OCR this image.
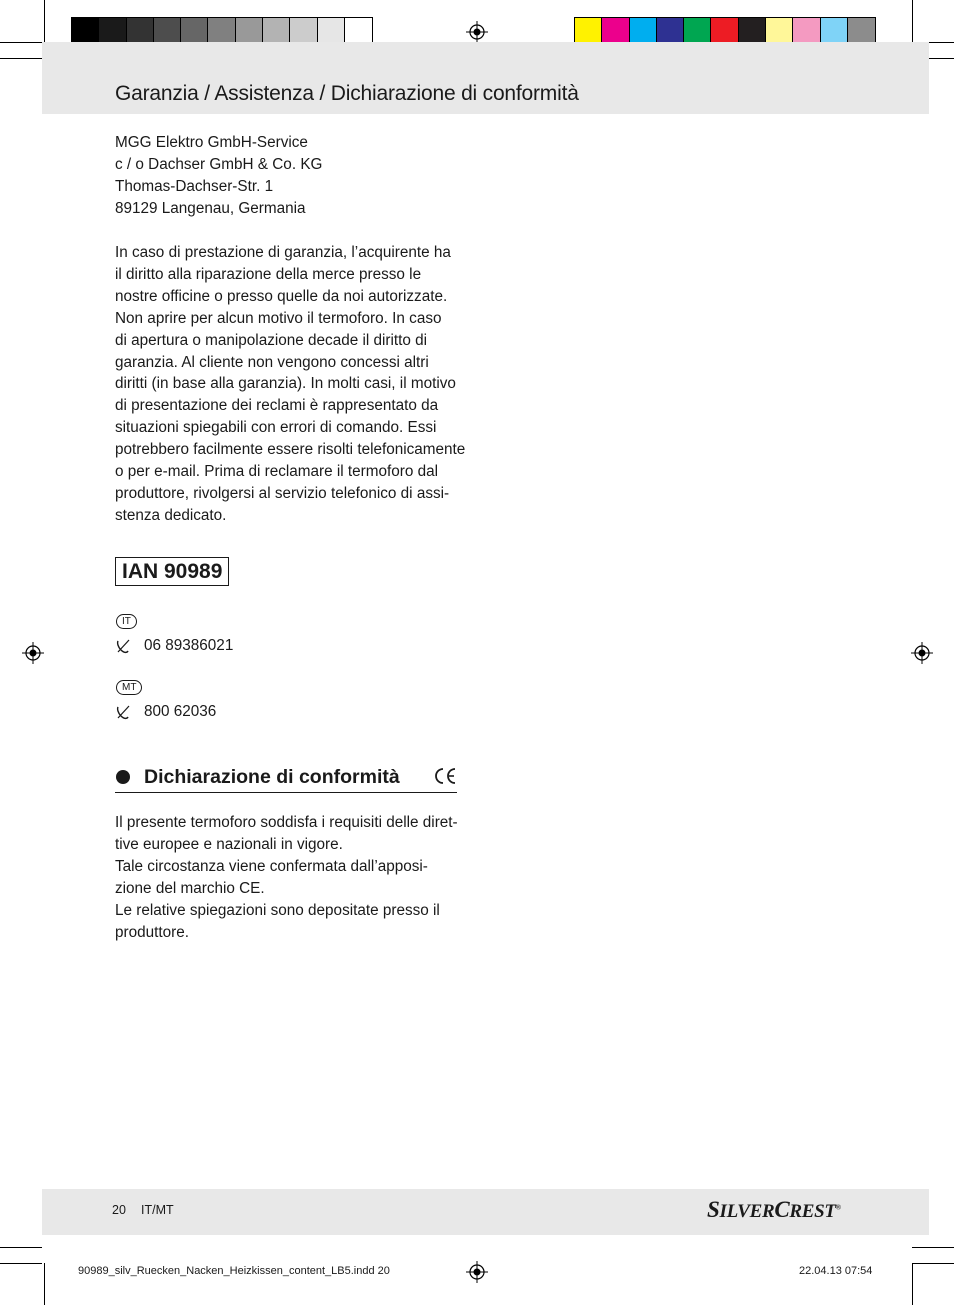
Garanzia / Assistenza / Dichiarazione di conformità

MGG Elektro GmbH-Service

c / o Dachser GmbH & Co. KG

Thomas-Dachser-Str. 1

89129 Langenau, Germania

In caso di prestazione di garanzia, l’acquirente ha

il diritto alla riparazione della merce presso le

nostre officine o presso quelle da noi autorizzate.

Non aprire per alcun motivo il termoforo. In caso

di apertura o manipolazione decade il diritto di

garanzia. Al cliente non vengono concessi altri

diritti (in base alla garanzia). In molti casi, il motivo

di presentazione dei reclami è rappresentato da

situazioni spiegabili con errori di comando. Essi

potrebbero facilmente essere risolti telefonicamente

o per e-mail. Prima di reclamare il termoforo dal

produttore, rivolgersi al servizio telefonico di assi-

stenza dedicato.

IAN 90989
IT
06 89386021
MT
800 62036
Dichiarazione di conformità

Il presente termoforo soddisfa i requisiti delle diret-

tive europee e nazionali in vigore.

Tale circostanza viene confermata dall’apposi-

zione del marchio CE.

Le relative spiegazioni sono depositate presso il

produttore.

20 IT/MT	SILVERCREST®
90989_silv_Ruecken_Nacken_Heizkissen_content_LB5.indd 20	22.04.13 07:54
